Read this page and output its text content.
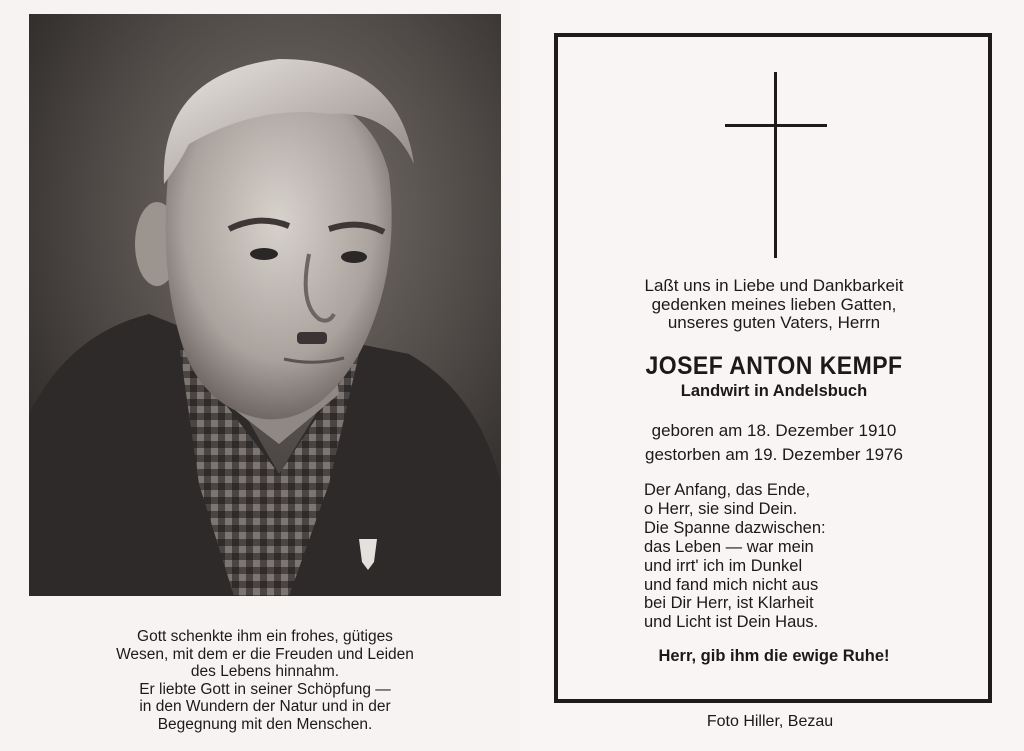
Gott schenkte ihm ein frohes, gütiges
Wesen, mit dem er die Freuden und Leiden
des Lebens hinnahm.
Er liebte Gott in seiner Schöpfung —
in den Wundern der Natur und in der
Begegnung mit den Menschen.
Laßt uns in Liebe und Dankbarkeit
gedenken meines lieben Gatten,
unseres guten Vaters, Herrn
JOSEF ANTON KEMPF
Landwirt in Andelsbuch
geboren am 18. Dezember 1910
gestorben am 19. Dezember 1976
Der Anfang, das Ende,
o Herr, sie sind Dein.
Die Spanne dazwischen:
das Leben — war mein
und irrt' ich im Dunkel
und fand mich nicht aus
bei Dir Herr, ist Klarheit
und Licht ist Dein Haus.
Herr, gib ihm die ewige Ruhe!
Foto Hiller, Bezau
